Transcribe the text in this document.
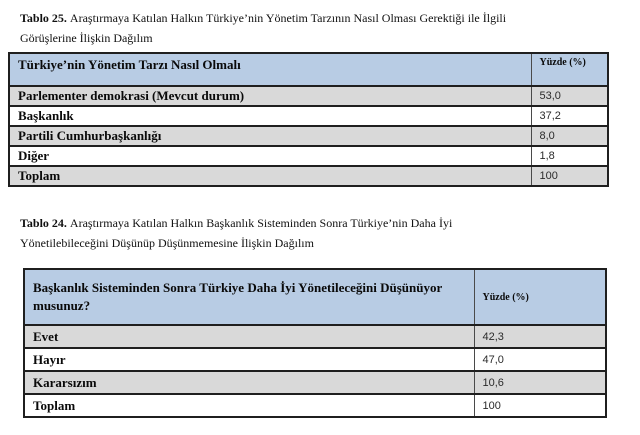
Tablo 25. Araştırmaya Katılan Halkın Türkiye’nin Yönetim Tarzının Nasıl Olması Gerektiği ile İlgili
Görüşlerine İlişkin Dağılım

Türkiye’nin Yönetim Tarzı Nasıl Olmalı	Yüzde (%)
Parlementer demokrasi (Mevcut durum)	53,0
Başkanlık	37,2
Partili Cumhurbaşkanlığı	8,0
Diğer	1,8
Toplam	100

Tablo 24. Araştırmaya Katılan Halkın Başkanlık Sisteminden Sonra Türkiye’nin Daha İyi
Yönetilebileceğini Düşünüp Düşünmemesine İlişkin Dağılım

Başkanlık Sisteminden Sonra Türkiye Daha İyi Yönetileceğini Düşünüyor musunuz?	Yüzde (%)
Evet	42,3
Hayır	47,0
Kararsızım	10,6
Toplam	100
